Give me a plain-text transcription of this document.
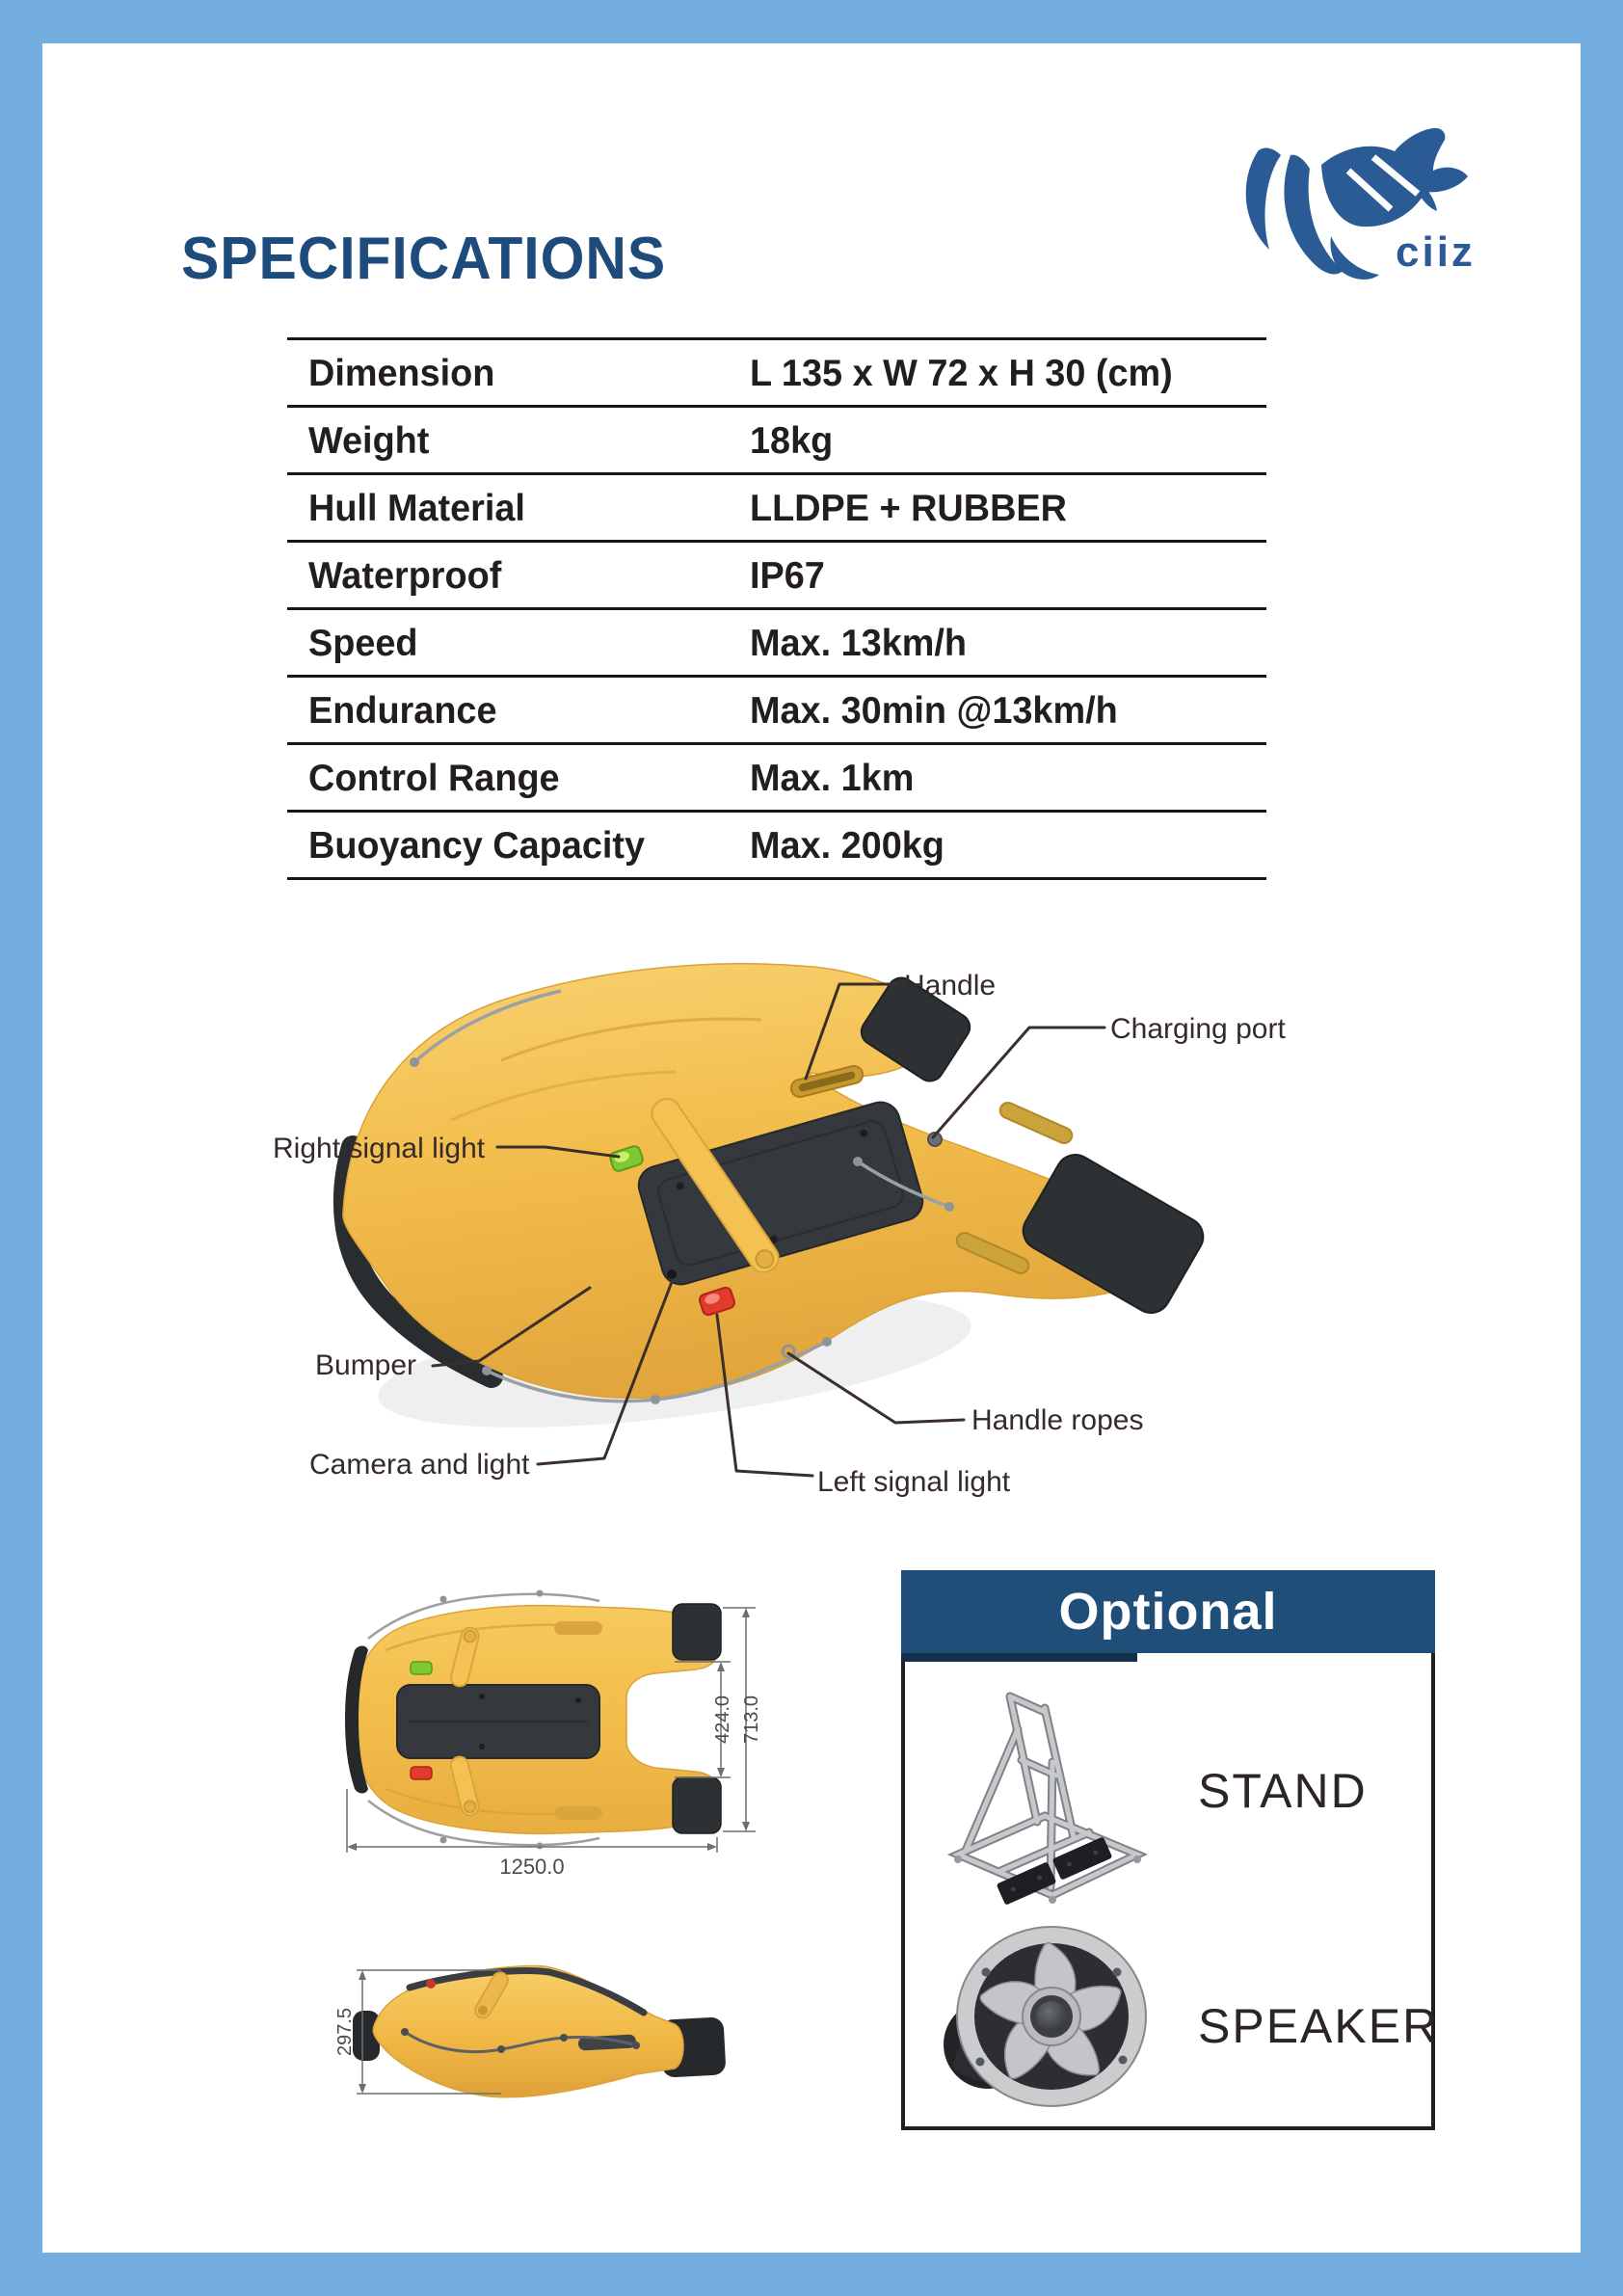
SPECIFICATIONS	ciiz
Dimension	L 135 x W 72 x H 30 (cm)
Weight	18kg
Hull Material	LLDPE + RUBBER
Waterproof	IP67
Speed	Max. 13km/h
Endurance	Max. 30min @13km/h
Control Range	Max. 1km
Buoyancy Capacity	Max. 200kg
Handle
Charging port
Right signal light
Bumper
Camera and light
Handle ropes
Left signal light
424.0 713.0
1250.0
297.5
Optional
STAND
SPEAKER
